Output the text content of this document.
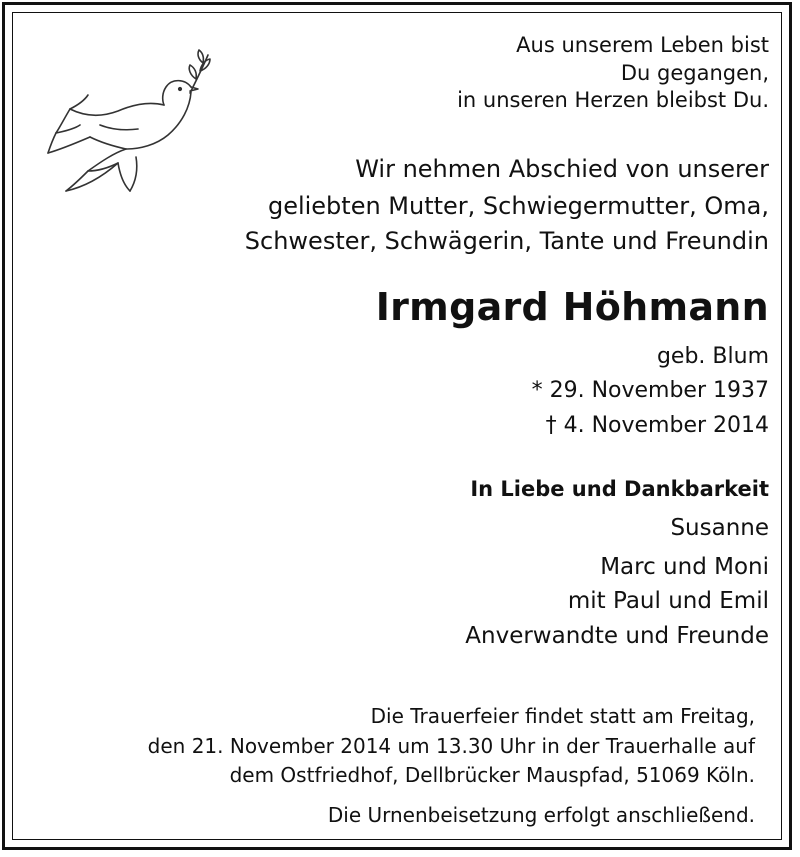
Aus unserem Leben bist
Du gegangen,
in unseren Herzen bleibst Du.
Wir nehmen Abschied von unserer
geliebten Mutter, Schwiegermutter, Oma,
Schwester, Schwägerin, Tante und Freundin
Irmgard Höhmann
geb. Blum
* 29. November 1937
† 4. November 2014
In Liebe und Dankbarkeit
Susanne
Marc und Moni
mit Paul und Emil
Anverwandte und Freunde
Die Trauerfeier findet statt am Freitag,
den 21. November 2014 um 13.30 Uhr in der Trauerhalle auf
dem Ostfriedhof, Dellbrücker Mauspfad, 51069 Köln.
Die Urnenbeisetzung erfolgt anschließend.
